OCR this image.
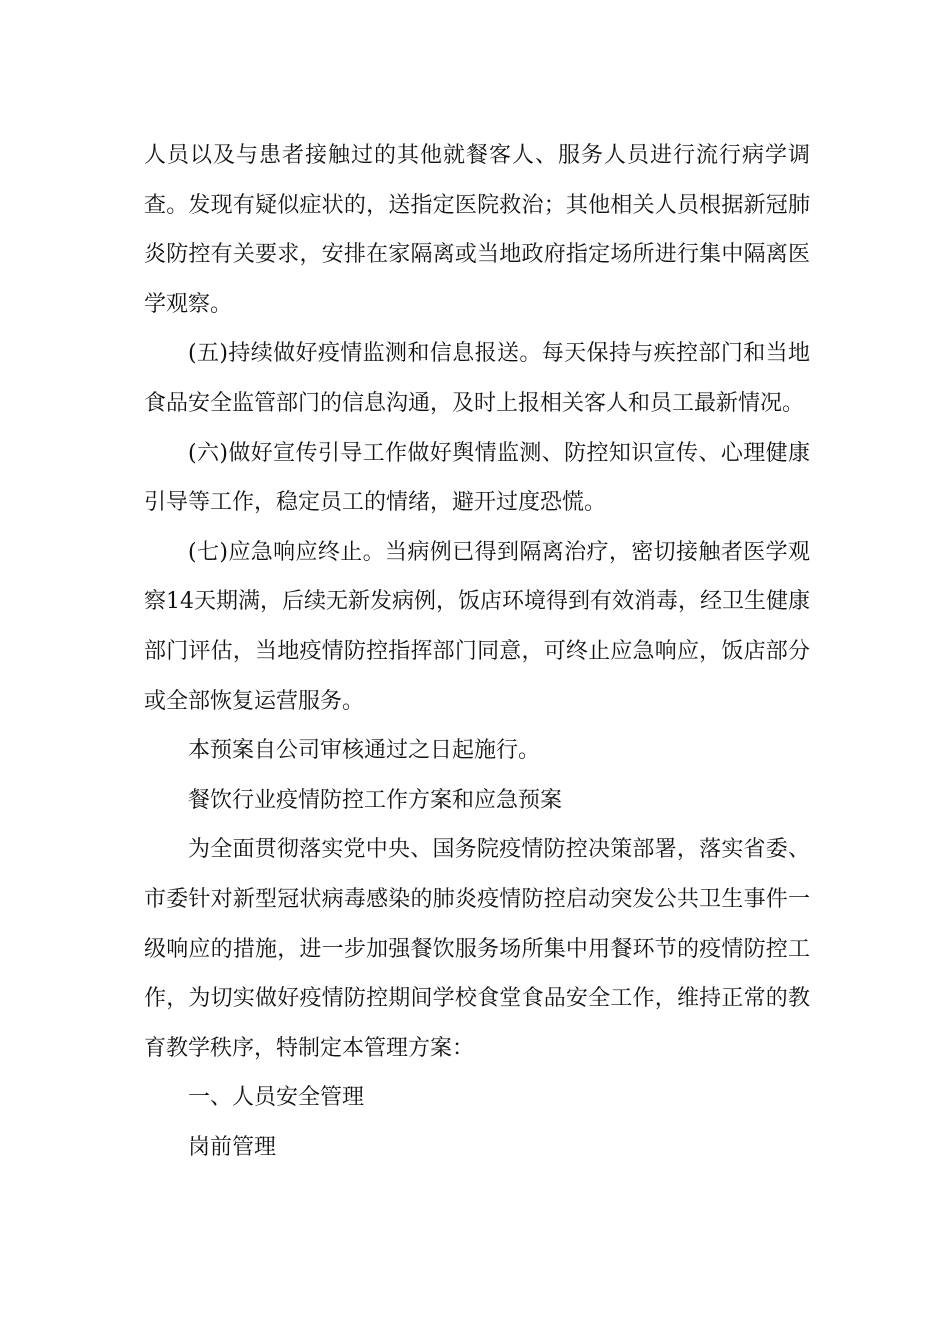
人员以及与患者接触过的其他就餐客人、服务人员进行流行病学调查。发现有疑似症状的，送指定医院救治；其他相关人员根据新冠肺炎防控有关要求，安排在家隔离或当地政府指定场所进行集中隔离医学观察。

(五)持续做好疫情监测和信息报送。每天保持与疾控部门和当地食品安全监管部门的信息沟通，及时上报相关客人和员工最新情况。

(六)做好宣传引导工作做好舆情监测、防控知识宣传、心理健康引导等工作，稳定员工的情绪，避开过度恐慌。

(七)应急响应终止。当病例已得到隔离治疗，密切接触者医学观察14天期满，后续无新发病例，饭店环境得到有效消毒，经卫生健康部门评估，当地疫情防控指挥部门同意，可终止应急响应，饭店部分或全部恢复运营服务。

本预案自公司审核通过之日起施行。

餐饮行业疫情防控工作方案和应急预案

为全面贯彻落实党中央、国务院疫情防控决策部署，落实省委、市委针对新型冠状病毒感染的肺炎疫情防控启动突发公共卫生事件一级响应的措施，进一步加强餐饮服务场所集中用餐环节的疫情防控工作，为切实做好疫情防控期间学校食堂食品安全工作，维持正常的教育教学秩序，特制定本管理方案：

一、人员安全管理

岗前管理
